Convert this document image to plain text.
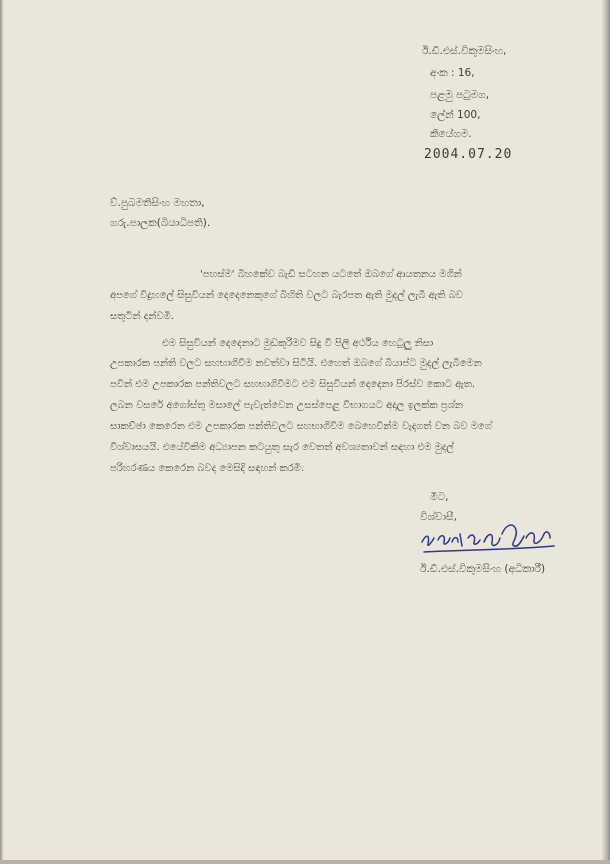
ඊ.ඩී.එස්.විකුමසිංහ,
අංක : 16,
පළමු පටුමග,
ලේන් 100,
කියේගම.
2004.07.20
ව්.පුබමතිසිංහ මහතා,
ගරු.පාලක(බියාධිපති).
'පහස්ම' බිහකේව බැඩි සටහන යටතේ ඔබගේ ආයතනය මගින්
අපගේ විදුහලේ සිසුවියන් දෙදෙනෙකුගේ බිහිති වලට බැරපත ඇති මුදල් ලැබී ඇති බව
සතුටින් දන්වමි.
එම සිසුවියන් දෙදෙනාට මුඩකුරිමව සිදු වී පිලි අර්ථිය හෙටුලු නිසා
උපකාරක පන්ති වලට සහභාගිවීම නවත්වා සිටියි. එහෙත් ඔබගේ බියාප්ට මුදල් ලැබීමෙන
පවින් එම උපකාරක පන්තිවලට සහභාගිවීමට එම සිසුවියන් දෙදෙනා පිරස්ව කොට ඇත.
ලබන වසරේ අගෝස්තු මසාලේ පැවැත්වෙන උසස්පෙළ විභාගයට අදාල ඉලක්ක ප්‍රශ්න
සාකච්ඡා කෙරෙන එම උපකාරක පන්තිවලට සහභාගිවීම බෙහෙවින්ම වැදගත් වන බව මගේ
විශ්වාසයයි. එයේවිකිම අධ්‍යාපන කටයුතු සැර වෙතත් අවශ්‍යතාවන් සඳහා එම මුදල්
පරිහරණය කෙරෙන බවද මෙසිදි සඳහන් කරමි.
මීට,
විශ්වාසී,
ඊ.ඩී.එස්.විකුමසිංහ (අධිකාරී)
